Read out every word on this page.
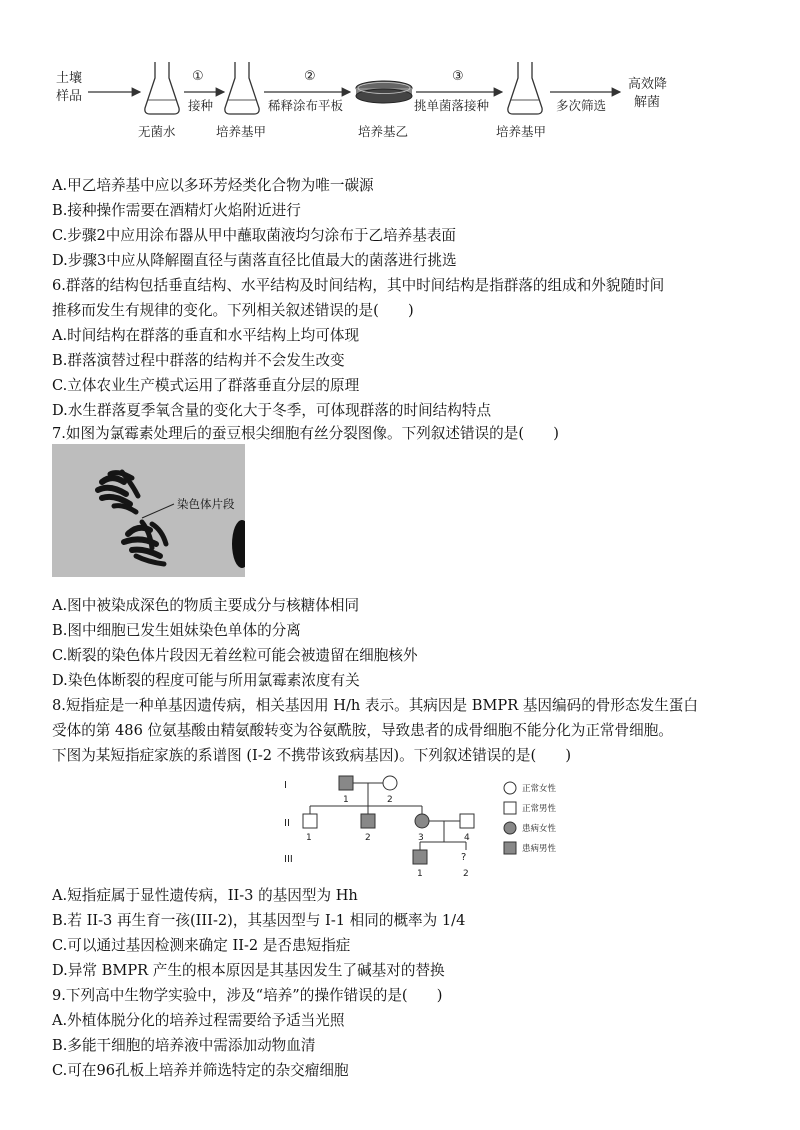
土壤
样品
无菌水
①
接种
培养基甲
②
稀释涂布平板
培养基乙
③
挑单菌落接种
培养基甲
多次筛选
高效降
解菌
A.甲乙培养基中应以多环芳烃类化合物为唯一碳源
B.接种操作需要在酒精灯火焰附近进行
C.步骤2中应用涂布器从甲中蘸取菌液均匀涂布于乙培养基表面
D.步骤3中应从降解圈直径与菌落直径比值最大的菌落进行挑选
6.群落的结构包括垂直结构、水平结构及时间结构，其中时间结构是指群落的组成和外貌随时间
推移而发生有规律的变化。下列相关叙述错误的是(　　)
A.时间结构在群落的垂直和水平结构上均可体现
B.群落演替过程中群落的结构并不会发生改变
C.立体农业生产模式运用了群落垂直分层的原理
D.水生群落夏季氧含量的变化大于冬季，可体现群落的时间结构特点
7.如图为氯霉素处理后的蚕豆根尖细胞有丝分裂图像。下列叙述错误的是(　　)
染色体片段
A.图中被染成深色的物质主要成分与核糖体相同
B.图中细胞已发生姐妹染色单体的分离
C.断裂的染色体片段因无着丝粒可能会被遗留在细胞核外
D.染色体断裂的程度可能与所用氯霉素浓度有关
8.短指症是一种单基因遗传病，相关基因用 H/h 表示。其病因是 BMPR 基因编码的骨形态发生蛋白
受体的第 486 位氨基酸由精氨酸转变为谷氨酰胺，导致患者的成骨细胞不能分化为正常骨细胞。
下图为某短指症家族的系谱图 (I-2 不携带该致病基因)。下列叙述错误的是(　　)
I
II
III
1	2
1	2	3	4
?
1	2
正常女性
正常男性
患病女性
患病男性
A.短指症属于显性遗传病，II-3 的基因型为 Hh
B.若 II-3 再生育一孩(III-2)，其基因型与 I-1 相同的概率为 1/4
C.可以通过基因检测来确定 II-2 是否患短指症
D.异常 BMPR 产生的根本原因是其基因发生了碱基对的替换
9.下列高中生物学实验中，涉及“培养”的操作错误的是(　　)
A.外植体脱分化的培养过程需要给予适当光照
B.多能干细胞的培养液中需添加动物血清
C.可在96孔板上培养并筛选特定的杂交瘤细胞
